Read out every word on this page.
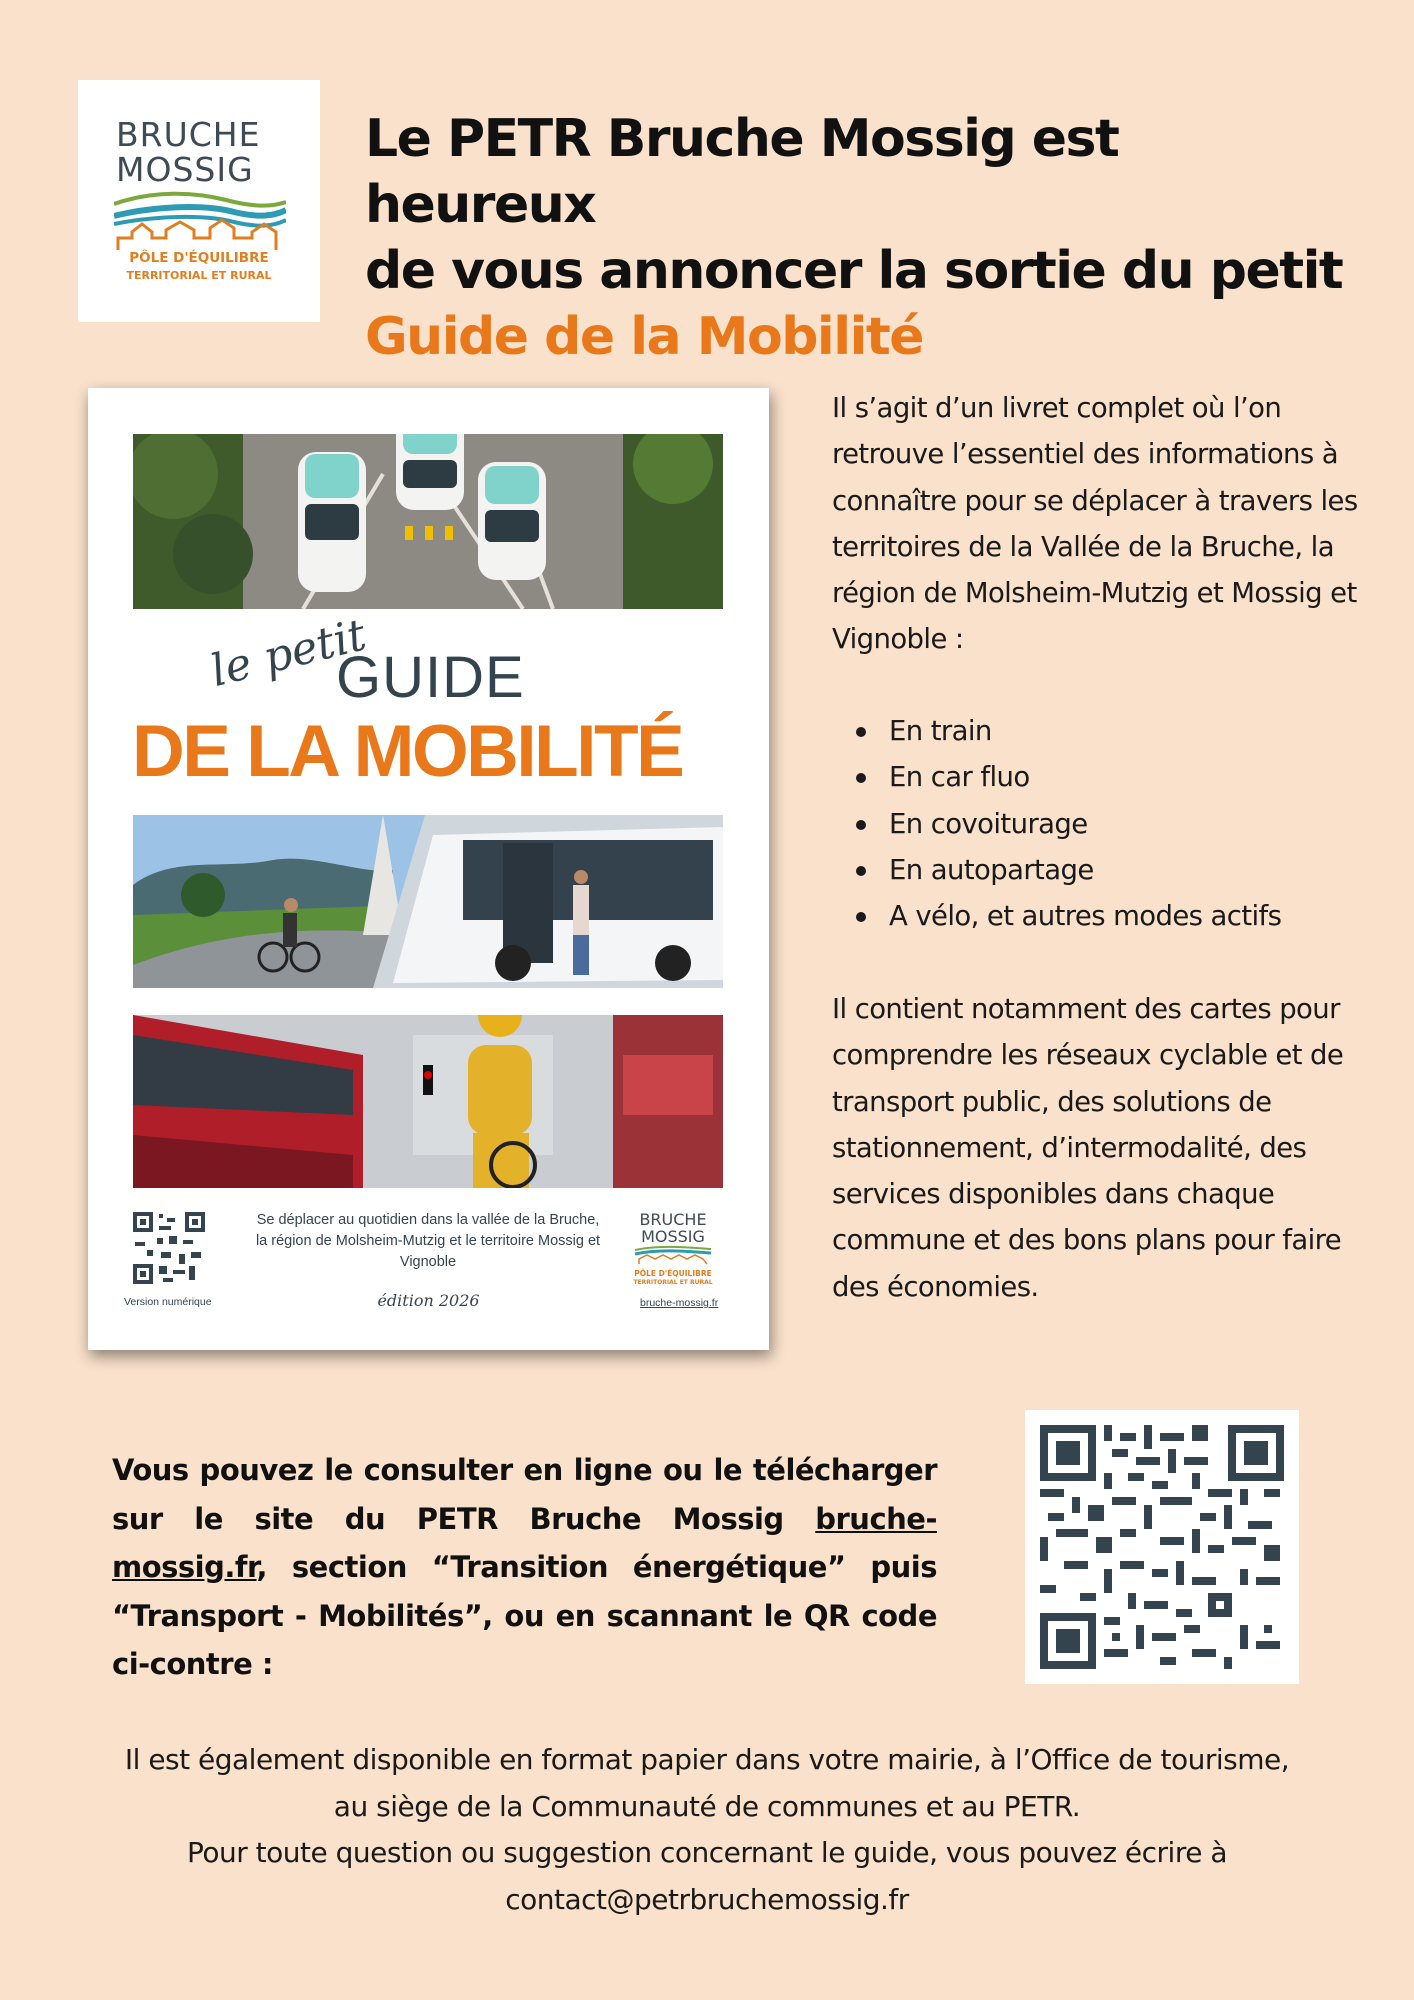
BRUCHE
MOSSIG
PÔLE D'ÉQUILIBRE
TERRITORIAL ET RURAL
Le PETR Bruche Mossig est heureux
de vous annoncer la sortie du petit
Guide de la Mobilité
le petit
GUIDE
DE LA MOBILITÉ
Version numérique
Se déplacer au quotidien dans la vallée de la Bruche, la région de Molsheim-Mutzig et le territoire Mossig et Vignoble
édition 2026
BRUCHE
MOSSIG
PÔLE D'ÉQUILIBRE
TERRITORIAL ET RURAL
bruche-mossig.fr
Il s’agit d’un livret complet où l’on retrouve l’essentiel des informations à connaître pour se déplacer à travers les territoires de la Vallée de la Bruche, la région de Molsheim-Mutzig et Mossig et Vignoble :
En train
En car fluo
En covoiturage
En autopartage
A vélo, et autres modes actifs
Il contient notamment des cartes pour comprendre les réseaux cyclable et de transport public, des solutions de stationnement, d’intermodalité, des services disponibles dans chaque commune et des bons plans pour faire des économies.
Vous pouvez le consulter en ligne ou le télécharger sur le site du PETR Bruche Mossig bruche-mossig.fr, section “Transition énergétique” puis “Transport - Mobilités”, ou en scannant le QR code ci-contre :
Il est également disponible en format papier dans votre mairie, à l’Office de tourisme,
au siège de la Communauté de communes et au PETR.
Pour toute question ou suggestion concernant le guide, vous pouvez écrire à
contact@petrbruchemossig.fr
